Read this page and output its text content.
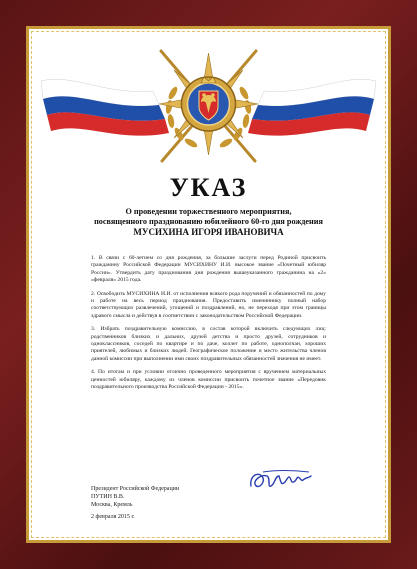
УКАЗ
О проведении торжественного мероприятия,
посвященного празднованию юбилейного 60-го дня рождения
МУСИХИНА ИГОРЯ ИВАНОВИЧА

1. В связи с 60-летием со дня рождения, за большие заслуги перед Родиной присвоить гражданину Российской Федерации МУСИХИНУ И.И. высокое звание «Почетный юбиляр России». Утвердить дату празднования дня рождения вышеуказанного гражданина на «2» «февраля» 2015 года.

2. Освободить МУСИХИНА И.И. от исполнения всякого рода поручений и обязанностей по дому и работе на весь период празднования. Предоставить имениннику полный набор соответствующих развлечений, угощений и поздравлений, но, не переходя при этом границы здравого смысла и действуя в соответствии с законодательством Российской Федерации.

3. Избрать поздравительную комиссию, в состав которой включить следующих лиц: родственников близких и дальних, друзей детства и просто друзей, сотрудников и одноклассников, соседей по квартире и по даче, коллег по работе, однополчан, хороших приятелей, любимых и близких людей. Географическое положение и место жительства членов данной комиссии при выполнении ими своих поздравительных обязанностей значения не имеет.

4. По итогам и при условии отлично проведенного мероприятия с вручением материальных ценностей юбиляру, каждому из членов комиссии присвоить почетное звание «Передовик поздравительного производства Российской Федерации - 2015».

Президент Российской Федерации
ПУТИН В.В.
Москва, Кремль
2 февраля 2015 г.
